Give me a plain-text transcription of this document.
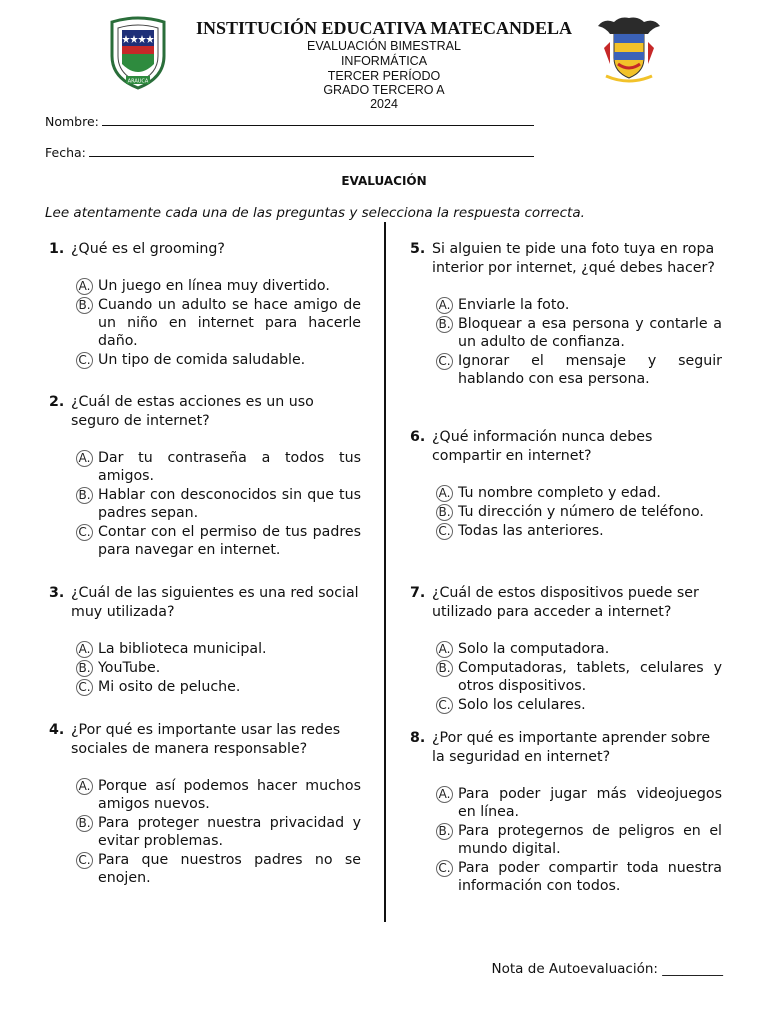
ARAUCA
INSTITUCIÓN EDUCATIVA MATECANDELA
EVALUACIÓN BIMESTRAL
INFORMÁTICA
TERCER PERÍODO
GRADO TERCERO A
2024
Nombre:
Fecha:
EVALUACIÓN
Lee atentamente cada una de las preguntas y selecciona la respuesta correcta.
1. ¿Qué es el grooming?
A. Un juego en línea muy divertido.
B. Cuando un adulto se hace amigo de un niño en internet para hacerle daño.
C. Un tipo de comida saludable.
2. ¿Cuál de estas acciones es un uso seguro de internet?
A. Dar tu contraseña a todos tus amigos.
B. Hablar con desconocidos sin que tus padres sepan.
C. Contar con el permiso de tus padres para navegar en internet.
3. ¿Cuál de las siguientes es una red social muy utilizada?
A. La biblioteca municipal.
B. YouTube.
C. Mi osito de peluche.
4. ¿Por qué es importante usar las redes sociales de manera responsable?
A. Porque así podemos hacer muchos amigos nuevos.
B. Para proteger nuestra privacidad y evitar problemas.
C. Para que nuestros padres no se enojen.
5. Si alguien te pide una foto tuya en ropa interior por internet, ¿qué debes hacer?
A. Enviarle la foto.
B. Bloquear a esa persona y contarle a un adulto de confianza.
C. Ignorar el mensaje y seguir hablando con esa persona.
6. ¿Qué información nunca debes compartir en internet?
A. Tu nombre completo y edad.
B. Tu dirección y número de teléfono.
C. Todas las anteriores.
7. ¿Cuál de estos dispositivos puede ser utilizado para acceder a internet?
A. Solo la computadora.
B. Computadoras, tablets, celulares y otros dispositivos.
C. Solo los celulares.
8. ¿Por qué es importante aprender sobre la seguridad en internet?
A. Para poder jugar más videojuegos en línea.
B. Para protegernos de peligros en el mundo digital.
C. Para poder compartir toda nuestra información con todos.
Nota de Autoevaluación: _________
